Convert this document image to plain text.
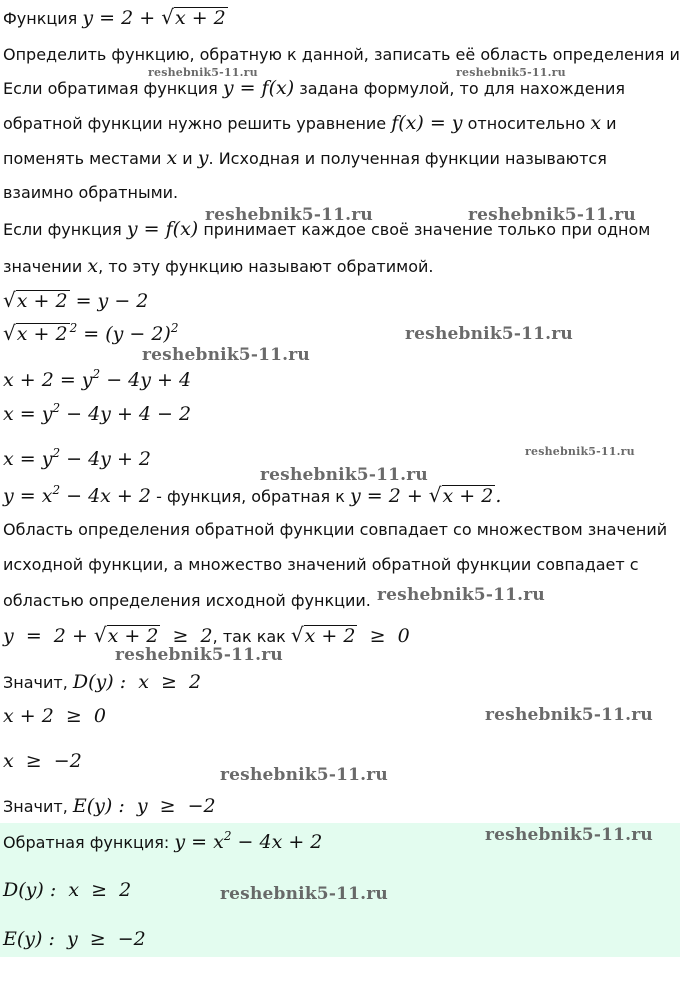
Функция y = 2 + √x + 2
Определить функцию, обратную к данной, записать её область определения и
Если обратимая функция y = f(x) задана формулой, то для нахождения
обратной функции нужно решить уравнение f(x) = y относительно x и
поменять местами x и y. Исходная и полученная функции называются
взаимно обратными.
Если функция y = f(x) принимает каждое своё значение только при одном
значении x, то эту функцию называют обратимой.
√x + 2 = y − 2
√x + 2 $^2 = (y - 2)^2$
$x + 2 = y^2 - 4y + 4$
$x = y^2 - 4y + 4 - 2$
$x = y^2 - 4y + 2$
$y = x^2 - 4x + 2$ - функция, обратная к y = 2 + √x + 2 .
Область определения обратной функции совпадает со множеством значений
исходной функции, а множество значений обратной функции совпадает с
областью определения исходной функции.
y  =  2 + √x + 2  ≥  2, так как √x + 2  ≥  0
Значит, D(y) :  x  ≥  2
x + 2  ≥  0
x  ≥  −2
Значит, E(y) :  y  ≥  −2
Обратная функция: $y = x^2 - 4x + 2$
D(y) :  x  ≥  2
E(y) :  y  ≥  −2
reshebnik5-11.ru	reshebnik5-11.ru
reshebnik5-11.ru	reshebnik5-11.ru
reshebnik5-11.ru
reshebnik5-11.ru
reshebnik5-11.ru
reshebnik5-11.ru
reshebnik5-11.ru
reshebnik5-11.ru
reshebnik5-11.ru
reshebnik5-11.ru
reshebnik5-11.ru
reshebnik5-11.ru
